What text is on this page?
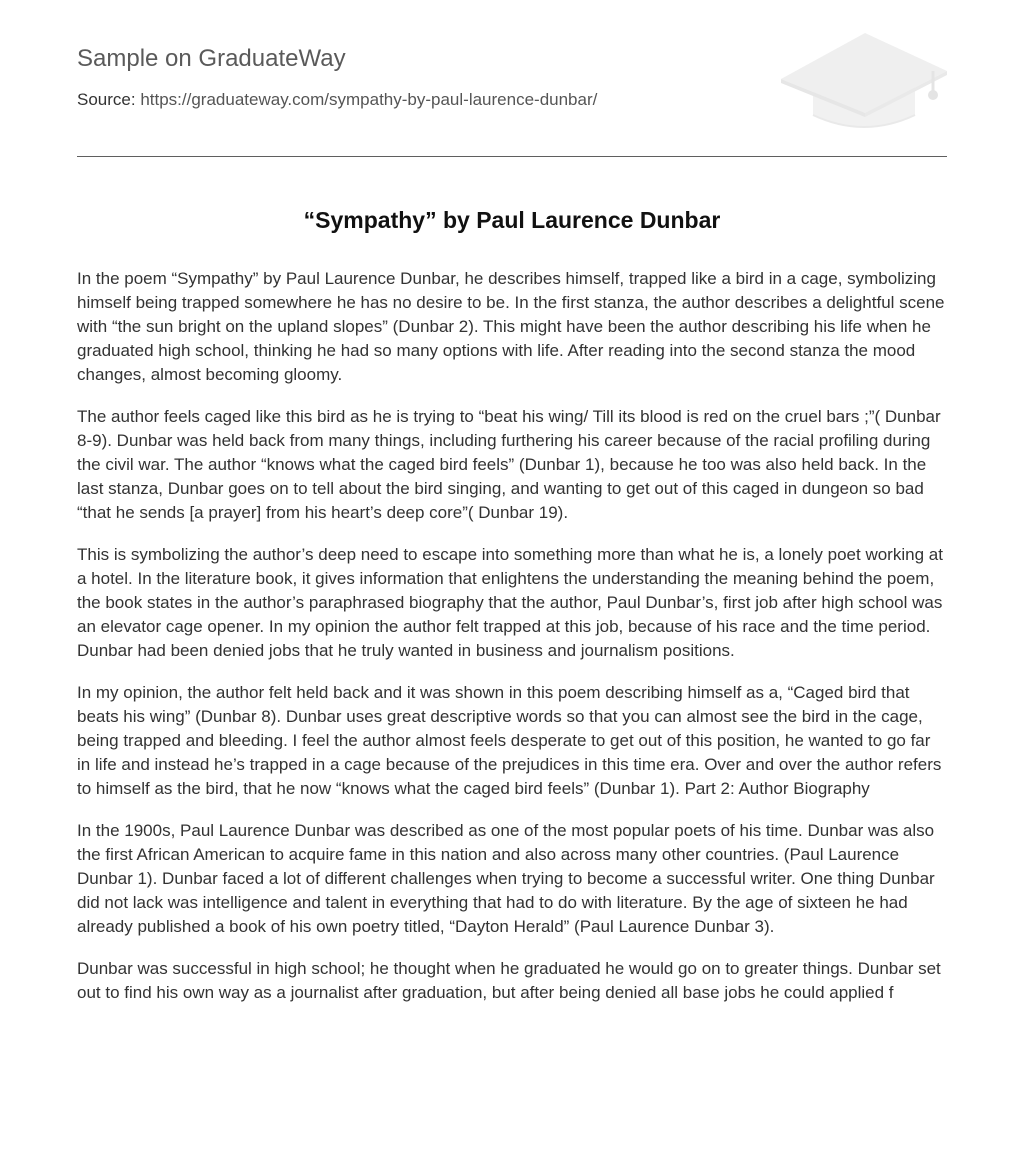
Sample on GraduateWay
Source: https://graduateway.com/sympathy-by-paul-laurence-dunbar/
“Sympathy” by Paul Laurence Dunbar

In the poem “Sympathy” by Paul Laurence Dunbar, he describes himself, trapped like a bird in a cage, symbolizing himself being trapped somewhere he has no desire to be. In the first stanza, the author describes a delightful scene with “the sun bright on the upland slopes” (Dunbar 2). This might have been the author describing his life when he graduated high school, thinking he had so many options with life. After reading into the second stanza the mood changes, almost becoming gloomy.

The author feels caged like this bird as he is trying to “beat his wing/ Till its blood is red on the cruel bars ;”( Dunbar 8-9). Dunbar was held back from many things, including furthering his career because of the racial profiling during the civil war. The author “knows what the caged bird feels” (Dunbar 1), because he too was also held back. In the last stanza, Dunbar goes on to tell about the bird singing, and wanting to get out of this caged in dungeon so bad “that he sends [a prayer] from his heart’s deep core”( Dunbar 19).

This is symbolizing the author’s deep need to escape into something more than what he is, a lonely poet working at a hotel. In the literature book, it gives information that enlightens the understanding the meaning behind the poem, the book states in the author’s paraphrased biography that the author, Paul Dunbar’s, first job after high school was an elevator cage opener. In my opinion the author felt trapped at this job, because of his race and the time period. Dunbar had been denied jobs that he truly wanted in business and journalism positions.

In my opinion, the author felt held back and it was shown in this poem describing himself as a, “Caged bird that beats his wing” (Dunbar 8). Dunbar uses great descriptive words so that you can almost see the bird in the cage, being trapped and bleeding. I feel the author almost feels desperate to get out of this position, he wanted to go far in life and instead he’s trapped in a cage because of the prejudices in this time era. Over and over the author refers to himself as the bird, that he now “knows what the caged bird feels” (Dunbar 1). Part 2: Author Biography

In the 1900s, Paul Laurence Dunbar was described as one of the most popular poets of his time. Dunbar was also the first African American to acquire fame in this nation and also across many other countries. (Paul Laurence Dunbar 1). Dunbar faced a lot of different challenges when trying to become a successful writer. One thing Dunbar did not lack was intelligence and talent in everything that had to do with literature. By the age of sixteen he had already published a book of his own poetry titled, “Dayton Herald” (Paul Laurence Dunbar 3).

Dunbar was successful in high school; he thought when he graduated he would go on to greater things. Dunbar set out to find his own way as a journalist after graduation, but after being denied all base jobs he could applied f
